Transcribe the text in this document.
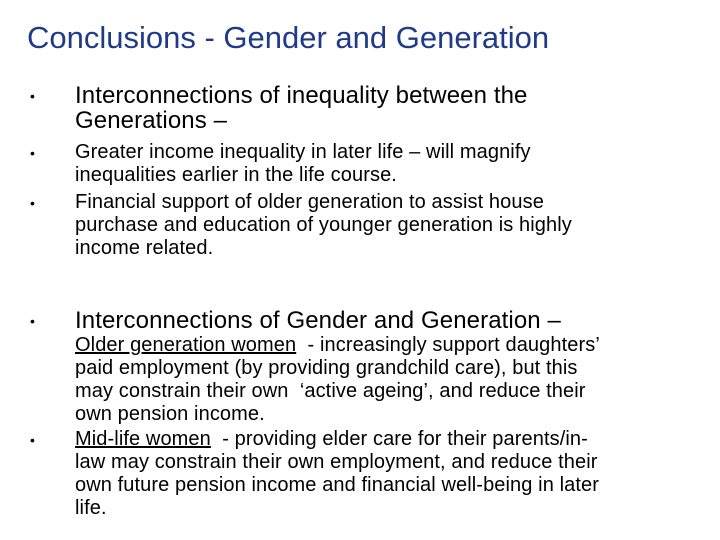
Conclusions - Gender and Generation
• Interconnections of inequality between the
Generations –
• Greater income inequality in later life – will magnify
inequalities earlier in the life course.
• Financial support of older generation to assist house
purchase and education of younger generation is highly
income related.
• Interconnections of Gender and Generation –
Older generation women  - increasingly support daughters’
paid employment (by providing grandchild care), but this
may constrain their own  ‘active ageing’, and reduce their
own pension income.
• Mid-life women  - providing elder care for their parents/in-
law may constrain their own employment, and reduce their
own future pension income and financial well-being in later
life.
